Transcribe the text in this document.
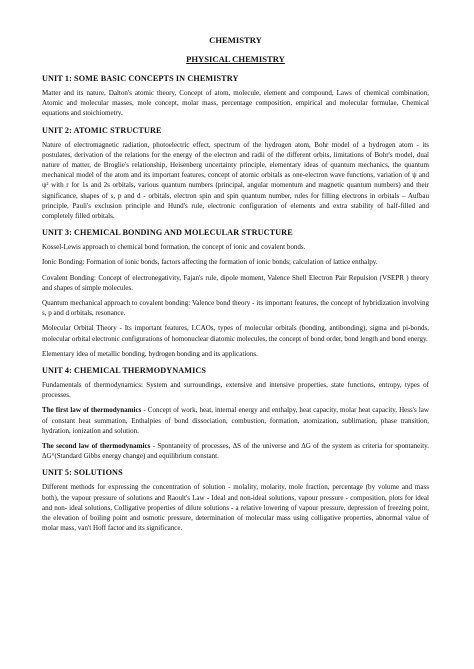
CHEMISTRY
PHYSICAL CHEMISTRY
UNIT 1: SOME BASIC CONCEPTS IN CHEMISTRY

Matter and its nature, Dalton's atomic theory, Concept of atom, molecule, element and compound, Laws of chemical combination, Atomic and molecular masses, mole concept, molar mass, percentage composition, empirical and molecular formulae, Chemical equations and stoichiometry.

UNIT 2: ATOMIC STRUCTURE

Nature of electromagnetic radiation, photoelectric effect, spectrum of the hydrogen atom, Bohr model of a hydrogen atom - its postulates, derivation of the relations for the energy of the electron and radii of the different orbits, limitations of Bohr's model, dual nature of matter, de Broglie's relationship, Heisenberg uncertainty principle, elementary ideas of quantum mechanics, the quantum mechanical model of the atom and its important features, concept of atomic orbitals as one-electron wave functions, variation of ψ and ψ² with r for 1s and 2s orbitals, various quantum numbers (principal, angular momentum and magnetic quantum numbers) and their significance, shapes of s, p and d - orbitals, electron spin and spin quantum number, rules for filling electrons in orbitals – Aufbau principle, Pauli's exclusion principle and Hund's rule, electronic configuration of elements and extra stability of half-filled and completely filled orbitals.

UNIT 3: CHEMICAL BONDING AND MOLECULAR STRUCTURE

Kossel-Lewis approach to chemical bond formation, the concept of ionic and covalent bonds.

Ionic Bonding: Formation of ionic bonds, factors affecting the formation of ionic bonds; calculation of lattice enthalpy.

Covalent Bonding: Concept of electronegativity, Fajan's rule, dipole moment, Valence Shell Electron Pair Repulsion (VSEPR ) theory and shapes of simple molecules.

Quantum mechanical approach to covalent bonding: Valence bond theory - its important features, the concept of hybridization involving s, p and d orbitals, resonance.

Molecular Orbital Theory - Its important features, LCAOs, types of molecular orbitals (bonding, antibonding), sigma and pi-bonds, molecular orbital electronic configurations of homonuclear diatomic molecules, the concept of bond order, bond length and bond energy.

Elementary idea of metallic bonding, hydrogen bonding and its applications.

UNIT 4: CHEMICAL THERMODYNAMICS

Fundamentals of thermodynamics: System and surroundings, extensive and intensive properties, state functions, entropy, types of processes.

The first law of thermodynamics - Concept of work, heat, internal energy and enthalpy, heat capacity, molar heat capacity, Hess's law of constant heat summation, Enthalpies of bond dissociation, combustion, formation, atomization, sublimation, phase transition, hydration, ionization and solution.

The second law of thermodynamics - Spontaneity of processes, ΔS of the universe and ΔG of the system as criteria for spontaneity. ΔG°(Standard Gibbs energy change) and equilibrium constant.

UNIT 5: SOLUTIONS

Different methods for expressing the concentration of solution - molality, molarity, mole fraction, percentage (by volume and mass both), the vapour pressure of solutions and Raoult's Law - Ideal and non-ideal solutions, vapour pressure - composition, plots for ideal and non- ideal solutions, Colligative properties of dilute solutions - a relative lowering of vapour pressure, depression of freezing point, the elevation of boiling point and osmotic pressure, determination of molecular mass using colligative properties, abnormal value of molar mass, van't Hoff factor and its significance.
